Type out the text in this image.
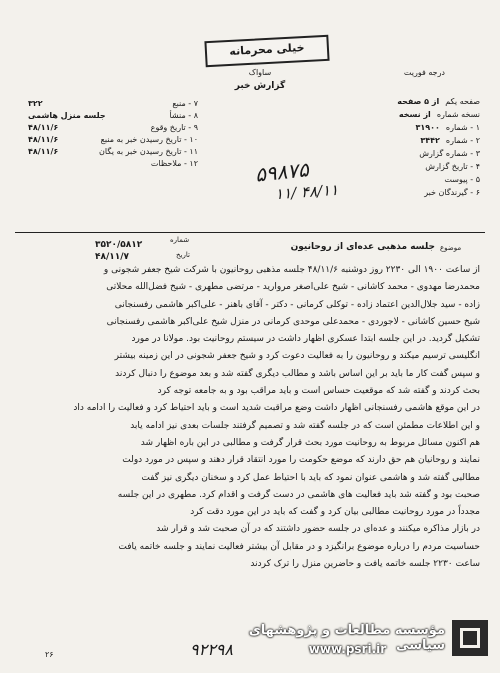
خیلی محرمانه
ساواک
گزارش خبر
درجه فوریت
صفحه یکم
از ۵ صفحه
نسخه شماره
از نسخه
۱ - شماره
۳۱۹۰۰
۲ - شماره
۳۴۴۲
۳ - شماره گزارش
۴ - تاریخ گزارش
۵ - پیوست
۶ - گیرندگان خبر
۷ - منبع
۳۲۲
۸ - منشأ
جلسه منزل هاشمی
۹ - تاریخ وقوع
۴۸/۱۱/۶
۱۰ - تاریخ رسیدن خبر به منبع
۴۸/۱۱/۶
۱۱ - تاریخ رسیدن خبر به یگان
۴۸/۱۱/۶
۱۲ - ملاحظات	۵۹۸۷۵
۱۱/ ۴۸/۱۱
شماره
تاریخ
۳۵۲۰/۵۸۱۲
۴۸/۱۱/۷
موضوع
جلسه مذهبی عده‌ای از روحانیون

از ساعت ۱۹۰۰ الی ۲۲۳۰ روز دوشنبه ۴۸/۱۱/۶ جلسه مذهبی روحانیون با شرکت شیخ جعفر شجونی و

محمدرضا مهدوی - محمد کاشانی - شیخ علی‌اصغر مروارید - مرتضی مطهری - شیخ فضل‌الله محلاتی

زاده - سید جلال‌الدین اعتماد زاده - توکلی کرمانی - دکتر - آقای باهنر - علی‌اکبر هاشمی رفسنجانی

شیخ حسین کاشانی - لاجوردی - محمدعلی موحدی کرمانی در منزل شیخ علی‌اکبر هاشمی رفسنجانی

تشکیل گردید. در این جلسه ابتدا عسکری اظهار داشت در سیستم روحانیت بود. مولانا در مورد

انگلیسی ترسیم میکند و روحانیون را به فعالیت دعوت کرد و شیخ جعفر شجونی در این زمینه بیشتر

و سپس گفت کار ما باید بر این اساس باشد و مطالب دیگری گفته شد و بعد موضوع را دنبال کردند

بحث کردند و گفته شد که موقعیت حساس است و باید مراقب بود و به جامعه توجه کرد

در این موقع هاشمی رفسنجانی اظهار داشت وضع مراقبت شدید است و باید احتیاط کرد و فعالیت را ادامه داد

و این اطلاعات مطمئن است که در جلسه گفته شد و تصمیم گرفتند جلسات بعدی نیز ادامه یابد

هم اکنون مسائل مربوط به روحانیت مورد بحث قرار گرفت و مطالبی در این باره اظهار شد

نمایند و روحانیان هم حق دارند که موضع حکومت را مورد انتقاد قرار دهند و سپس در مورد دولت

مطالبی گفته شد و هاشمی عنوان نمود که باید با احتیاط عمل کرد و سخنان دیگری نیز گفت

صحبت بود و گفته شد باید فعالیت های هاشمی در دست گرفت و اقدام کرد. مطهری در این جلسه

مجدداً در مورد روحانیت مطالبی بیان کرد و گفت که باید در این مورد دقت کرد

در بازار مذاکره میکنند و عده‌ای در جلسه حضور داشتند که در آن صحبت شد و قرار شد

حساسیت مردم را درباره موضوع برانگیزد و در مقابل آن بیشتر فعالیت نمایند و جلسه خاتمه یافت

ساعت ۲۲۳۰ جلسه خاتمه یافت و حاضرین منزل را ترک کردند

۹۲۲۹۸
۲۶
مؤسسه مطالعات و پژوهشهای سیاسی
www.psri.ir
